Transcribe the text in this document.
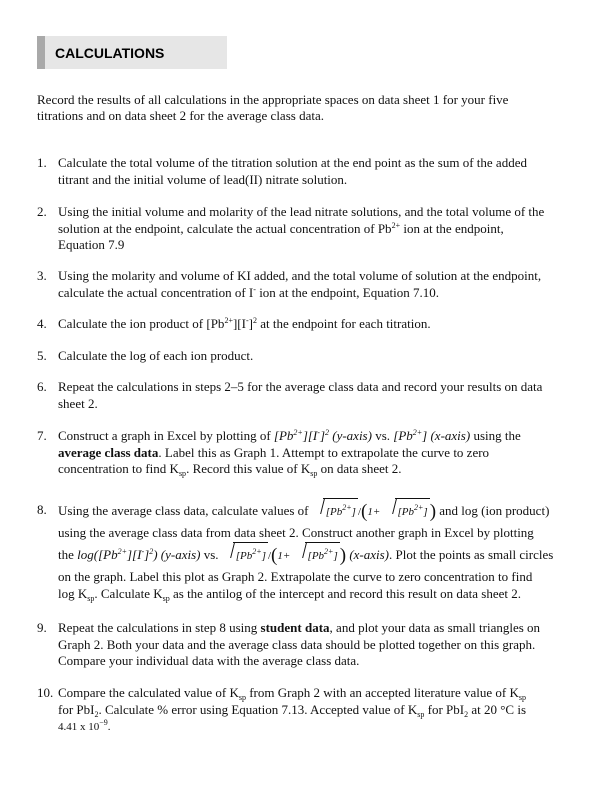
CALCULATIONS
Record the results of all calculations in the appropriate spaces on data sheet 1 for your five
titrations and on data sheet 2 for the average class data.
1. Calculate the total volume of the titration solution at the end point as the sum of the added
titrant and the initial volume of lead(II) nitrate solution.
2. Using the initial volume and molarity of the lead nitrate solutions, and the total volume of the
solution at the endpoint, calculate the actual concentration of $Pb^{2+}$ ion at the endpoint,
Equation 7.9
3. Using the molarity and volume of KI added, and the total volume of solution at the endpoint,
calculate the actual concentration of I- ion at the endpoint, Equation 7.10.
4. Calculate the ion product of $[Pb^{2+}][I^-]^2$ at the endpoint for each titration.
5. Calculate the log of each ion product.
6. Repeat the calculations in steps 2–5 for the average class data and record your results on data
sheet 2.
7. Construct a graph in Excel by plotting of $[Pb^{2+}][I^-]^2$ (y-axis) vs. $[Pb^{2+}]$ (x-axis) using the
average class data. Label this as Graph 1. Attempt to extrapolate the curve to zero
concentration to find $K_{sp}$. Record this value of $K_{sp}$ on data sheet 2.
8. Using the average class data, calculate values of $[Pb^{2+}]$ $/(1+ [Pb^{2+}]$ ) and log (ion product)
using the average class data from data sheet 2. Construct another graph in Excel by plotting
the $\log([Pb^{2+}][I^-]^2)$ (y-axis) vs. $[Pb^{2+}]$ $/(1+ [Pb^{2+}]$ ) (x-axis). Plot the points as small circles
on the graph. Label this plot as Graph 2. Extrapolate the curve to zero concentration to find
$\log K_{sp}$. Calculate $K_{sp}$ as the antilog of the intercept and record this result on data sheet 2.
9. Repeat the calculations in step 8 using student data, and plot your data as small triangles on
Graph 2. Both your data and the average class data should be plotted together on this graph.
Compare your individual data with the average class data.
10. Compare the calculated value of $K_{sp}$ from Graph 2 with an accepted literature value of $K_{sp}$
for PbI$_2$. Calculate % error using Equation 7.13. Accepted value of $K_{sp}$ for PbI$_2$ at 20 °C is
4.41 x $10^{-9}$.
